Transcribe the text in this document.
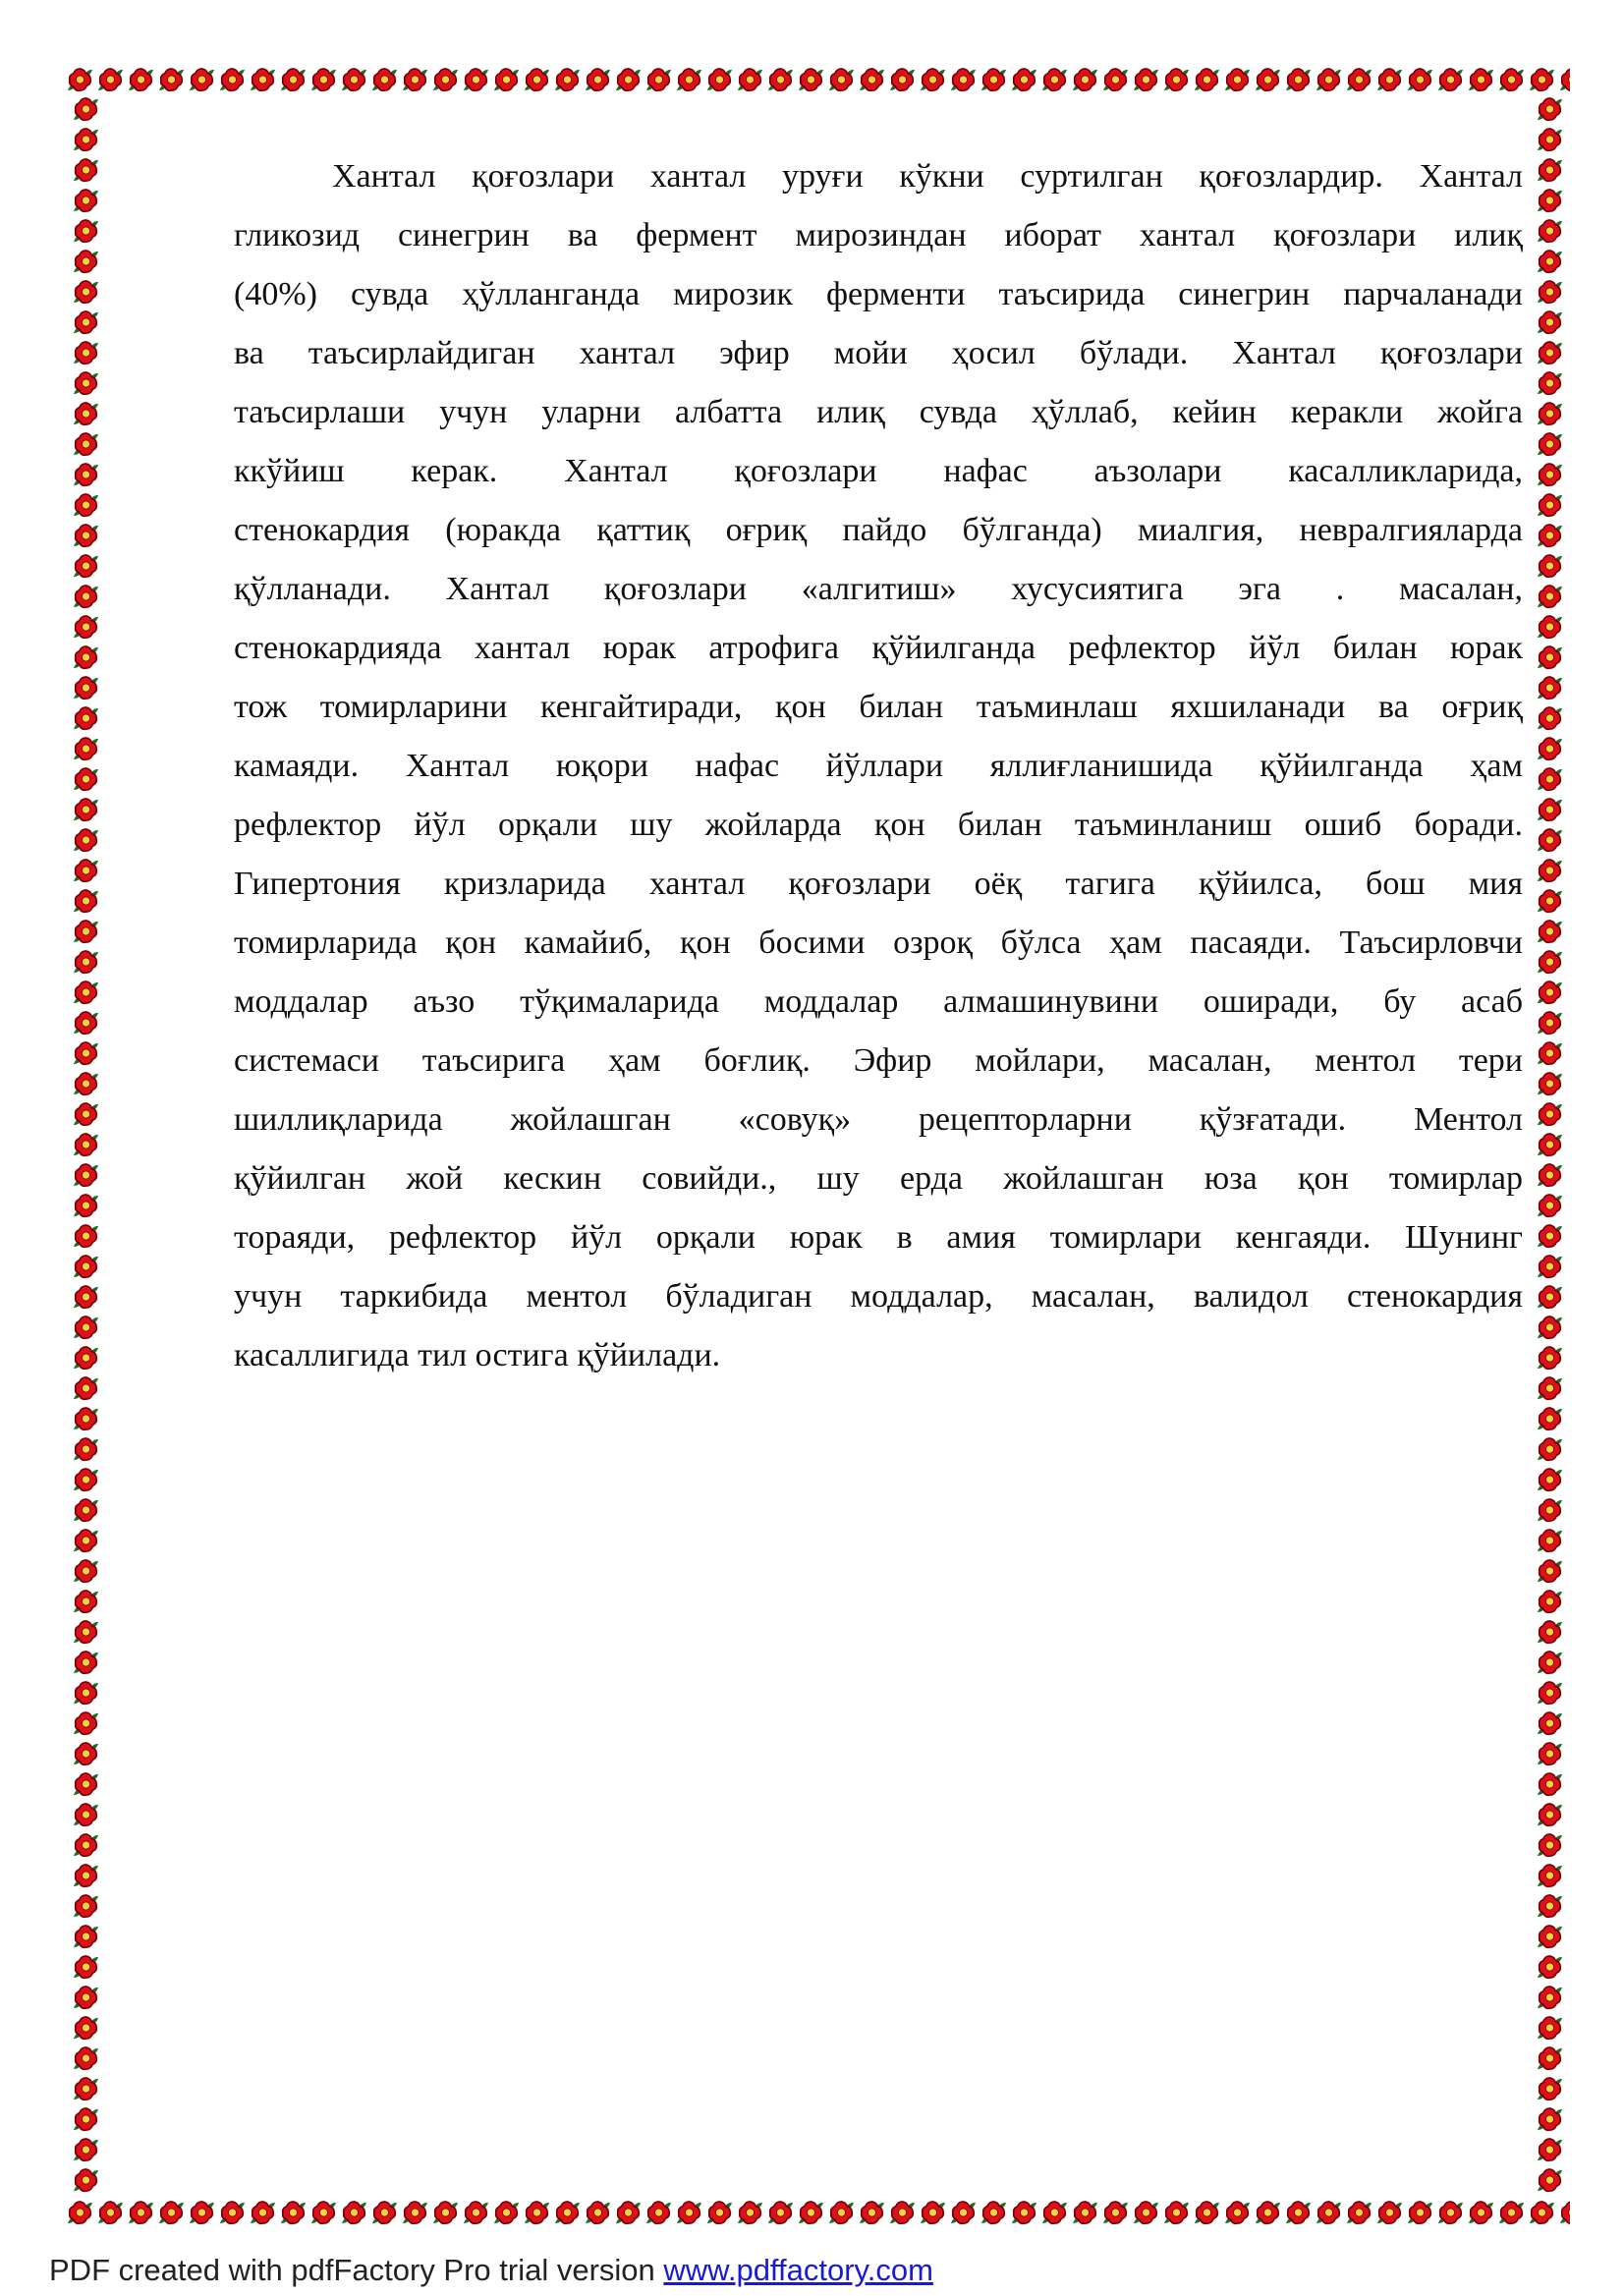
Хантал қоғозлари хантал уруғи кўкни суртилган қоғозлардир. Хантал
гликозид синегрин ва фермент мирозиндан иборат хантал қоғозлари илиқ
(40%) сувда ҳўлланганда мирозик ферменти таъсирида синегрин парчаланади
ва таъсирлайдиган хантал эфир мойи ҳосил бўлади. Хантал қоғозлари
таъсирлаши учун уларни албатта илиқ сувда ҳўллаб, кейин керакли жойга
ккўйиш керак. Хантал қоғозлари нафас аъзолари касалликларида,
стенокардия (юракда қаттиқ оғриқ пайдо бўлганда) миалгия, невралгияларда
қўлланади. Хантал қоғозлари «алгитиш» хусусиятига эга . масалан,
стенокардияда хантал юрак атрофига қўйилганда рефлектор йўл билан юрак
тож томирларини кенгайтиради, қон билан таъминлаш яхшиланади ва оғриқ
камаяди. Хантал юқори нафас йўллари яллиғланишида қўйилганда ҳам
рефлектор йўл орқали шу жойларда қон билан таъминланиш ошиб боради.
Гипертония кризларида хантал қоғозлари оёқ тагига қўйилса, бош мия
томирларида қон камайиб, қон босими озроқ бўлса ҳам пасаяди. Таъсирловчи
моддалар аъзо тўқималарида моддалар алмашинувини оширади, бу асаб
системаси таъсирига ҳам боғлиқ. Эфир мойлари, масалан, ментол тери
шиллиқларида жойлашган «совуқ» рецепторларни қўзғатади. Ментол
қўйилган жой кескин совийди., шу ерда жойлашган юза қон томирлар
тораяди, рефлектор йўл орқали юрак в амия томирлари кенгаяди. Шунинг
учун таркибида ментол бўладиган моддалар, масалан, валидол стенокардия
касаллигида тил остига қўйилади.
PDF created with pdfFactory Pro trial version www.pdffactory.com
